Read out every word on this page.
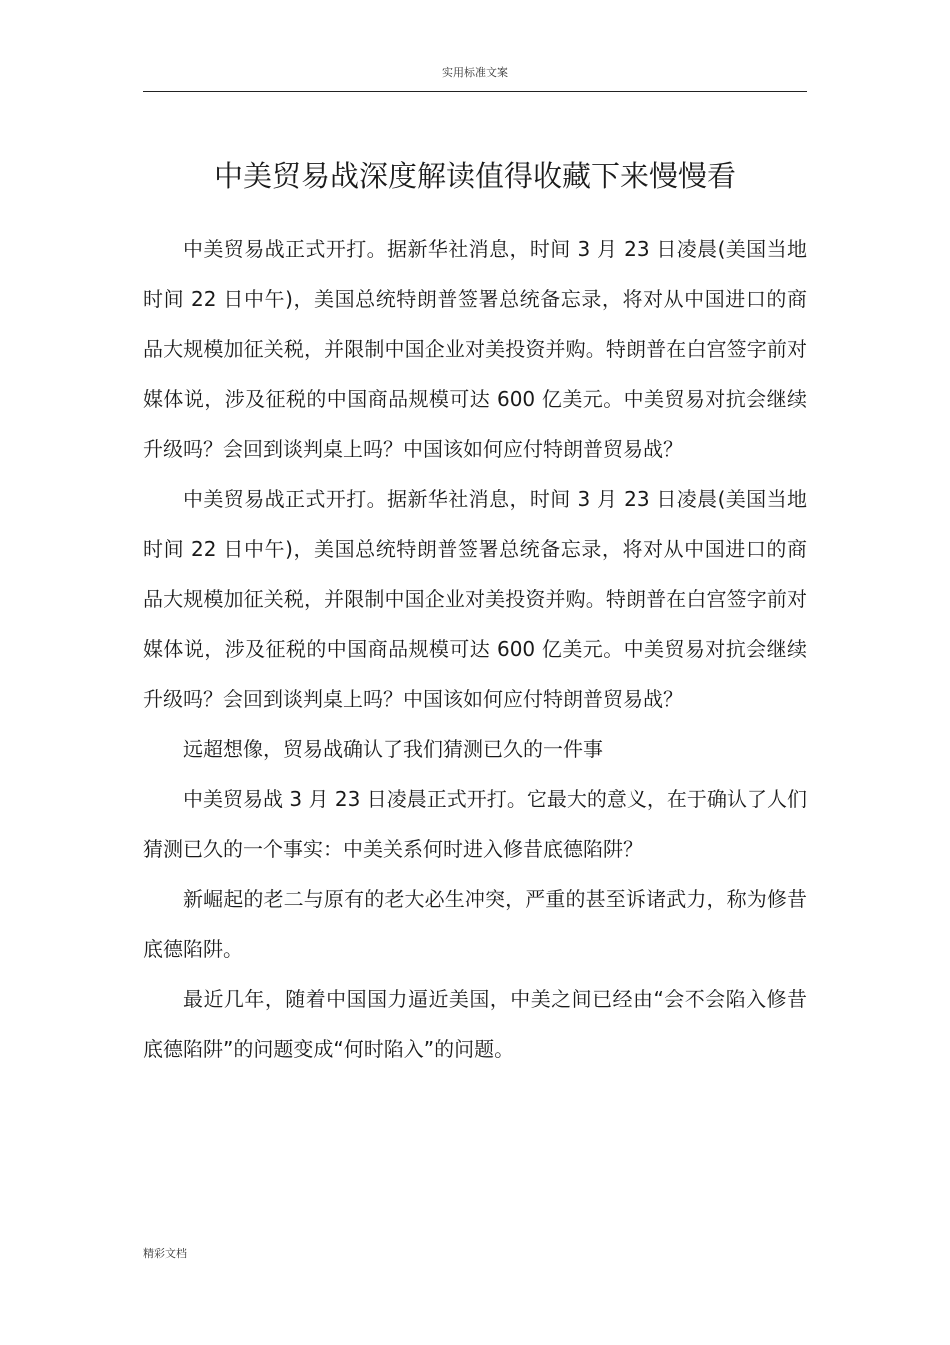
实用标准文案
中美贸易战深度解读值得收藏下来慢慢看

中美贸易战正式开打。据新华社消息，时间 3 月 23 日凌晨(美国当地时间 22 日中午)，美国总统特朗普签署总统备忘录，将对从中国进口的商品大规模加征关税，并限制中国企业对美投资并购。特朗普在白宫签字前对媒体说，涉及征税的中国商品规模可达 600 亿美元。中美贸易对抗会继续升级吗？会回到谈判桌上吗？中国该如何应付特朗普贸易战？

中美贸易战正式开打。据新华社消息，时间 3 月 23 日凌晨(美国当地时间 22 日中午)，美国总统特朗普签署总统备忘录，将对从中国进口的商品大规模加征关税，并限制中国企业对美投资并购。特朗普在白宫签字前对媒体说，涉及征税的中国商品规模可达 600 亿美元。中美贸易对抗会继续升级吗？会回到谈判桌上吗？中国该如何应付特朗普贸易战？

远超想像，贸易战确认了我们猜测已久的一件事

中美贸易战 3 月 23 日凌晨正式开打。它最大的意义，在于确认了人们猜测已久的一个事实：中美关系何时进入修昔底德陷阱？

新崛起的老二与原有的老大必生冲突，严重的甚至诉诸武力，称为修昔底德陷阱。

最近几年，随着中国国力逼近美国，中美之间已经由“会不会陷入修昔底德陷阱”的问题变成“何时陷入”的问题。

精彩文档
